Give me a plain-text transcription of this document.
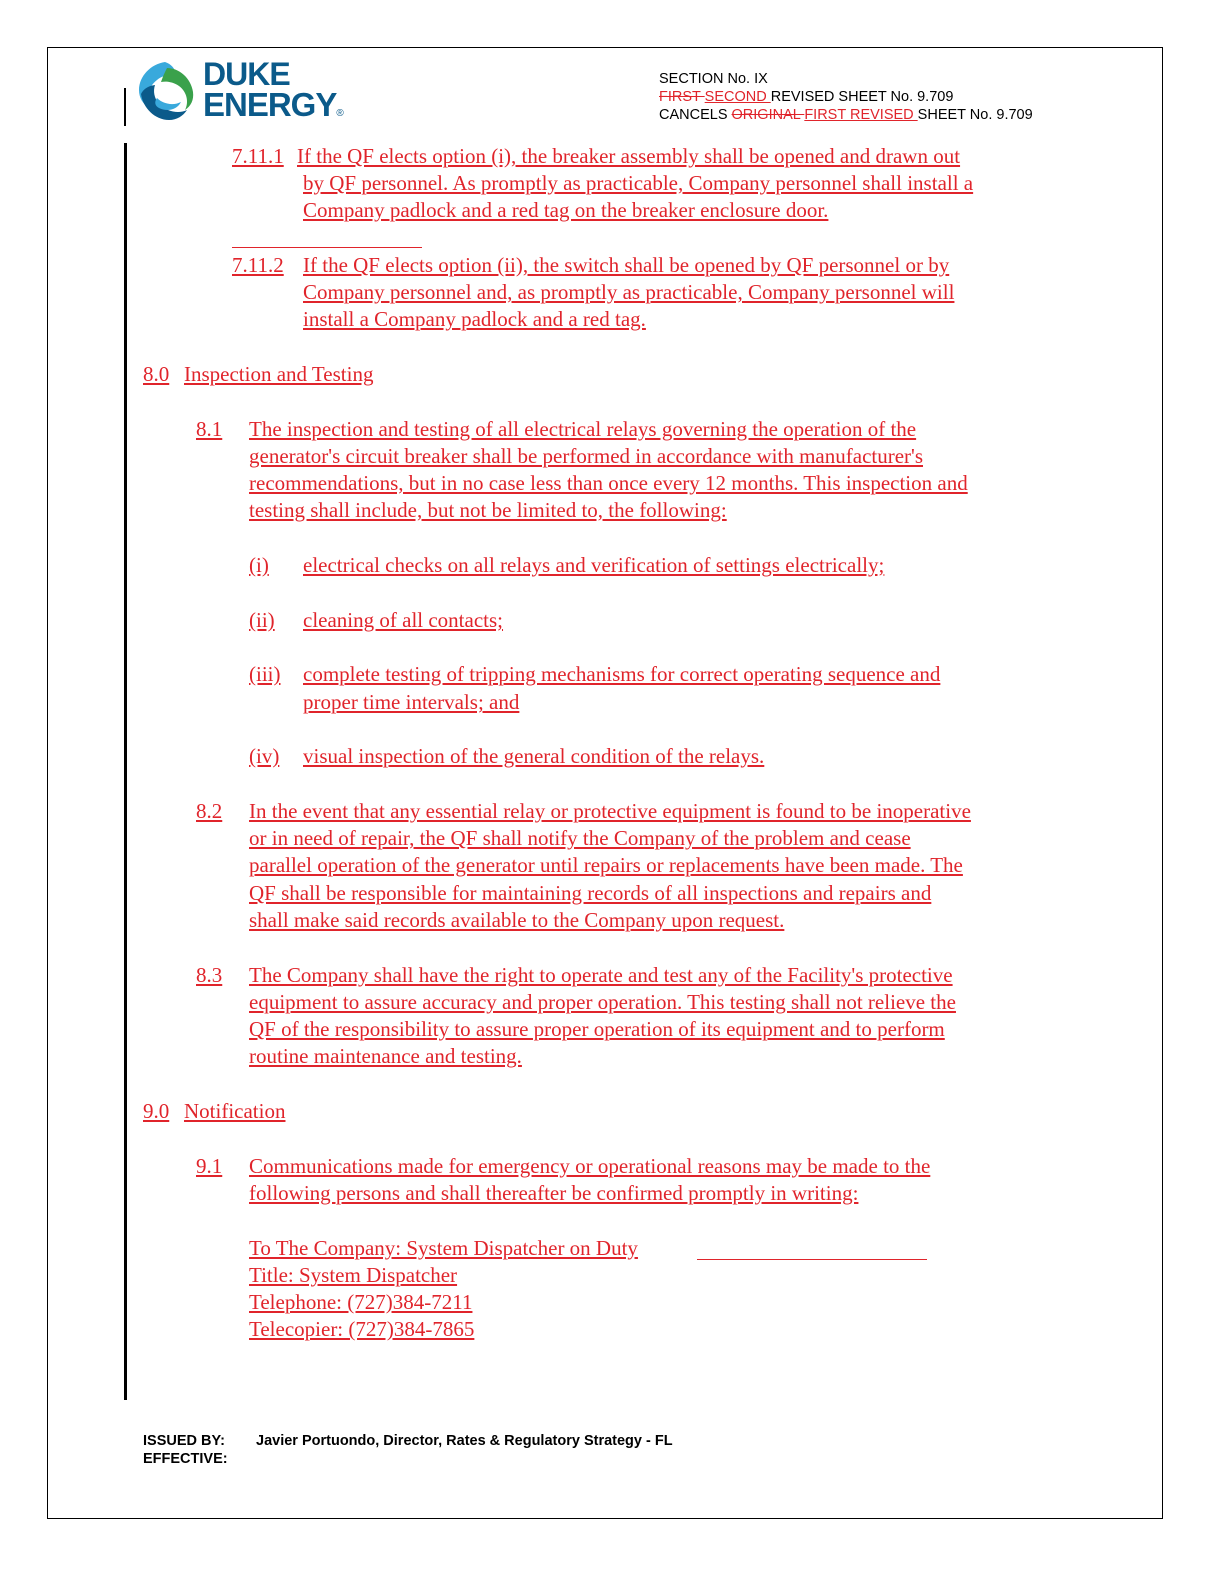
DUKE
ENERGY®
SECTION No. IX
FIRST SECOND REVISED SHEET No. 9.709
CANCELS ORIGINAL FIRST REVISED SHEET No. 9.709
7.11.1 If the QF elects option (i), the breaker assembly shall be opened and drawn out
by QF personnel. As promptly as practicable, Company personnel shall install a
Company padlock and a red tag on the breaker enclosure door.
7.11.2 If the QF elects option (ii), the switch shall be opened by QF personnel or by
Company personnel and, as promptly as practicable, Company personnel will
install a Company padlock and a red tag.
8.0 Inspection and Testing
8.1 The inspection and testing of all electrical relays governing the operation of the
generator's circuit breaker shall be performed in accordance with manufacturer's
recommendations, but in no case less than once every 12 months. This inspection and
testing shall include, but not be limited to, the following:
(i) electrical checks on all relays and verification of settings electrically;
(ii) cleaning of all contacts;
(iii) complete testing of tripping mechanisms for correct operating sequence and
proper time intervals; and
(iv) visual inspection of the general condition of the relays.
8.2 In the event that any essential relay or protective equipment is found to be inoperative
or in need of repair, the QF shall notify the Company of the problem and cease
parallel operation of the generator until repairs or replacements have been made. The
QF shall be responsible for maintaining records of all inspections and repairs and
shall make said records available to the Company upon request.
8.3 The Company shall have the right to operate and test any of the Facility's protective
equipment to assure accuracy and proper operation. This testing shall not relieve the
QF of the responsibility to assure proper operation of its equipment and to perform
routine maintenance and testing.
9.0 Notification
9.1 Communications made for emergency or operational reasons may be made to the
following persons and shall thereafter be confirmed promptly in writing:
To The Company: System Dispatcher on Duty
Title: System Dispatcher
Telephone: (727)384-7211
Telecopier: (727)384-7865
ISSUED BY: Javier Portuondo, Director, Rates & Regulatory Strategy - FL
EFFECTIVE:
